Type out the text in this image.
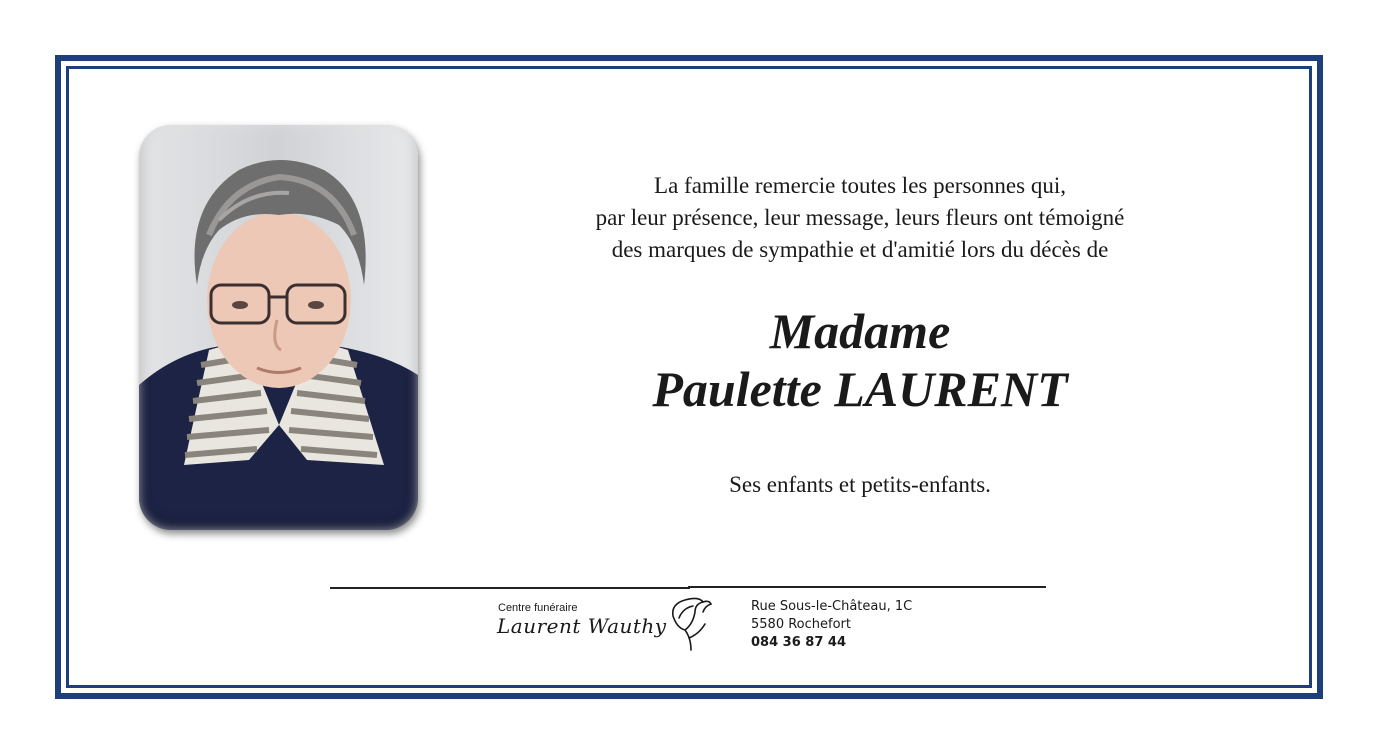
La famille remercie toutes les personnes qui,
par leur présence, leur message, leurs fleurs ont témoigné
des marques de sympathie et d'amitié lors du décès de
Madame
Paulette LAURENT
Ses enfants et petits-enfants.
Centre funéraire
Laurent Wauthy
Rue Sous-le-Château, 1C
5580 Rochefort
084 36 87 44
